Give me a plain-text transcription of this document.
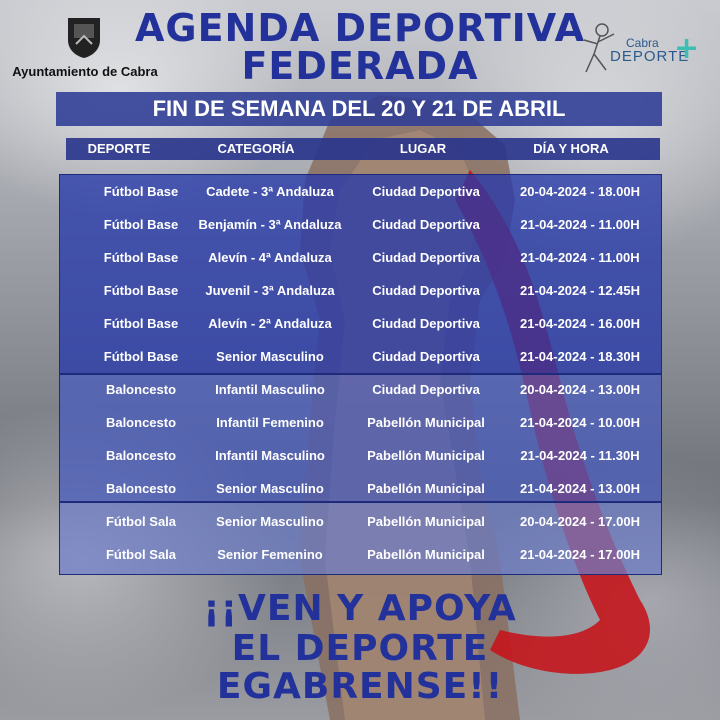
AGENDA DEPORTIVA
FEDERADA
Ayuntamiento de Cabra
Cabra
DEPORTE
+
FIN DE SEMANA DEL 20 Y 21 DE ABRIL
DEPORTE	CATEGORÍA	LUGAR	DÍA Y HORA
Fútbol Base	Cadete - 3ª Andaluza	Ciudad Deportiva	20-04-2024 - 18.00H
Fútbol Base	Benjamín - 3ª Andaluza	Ciudad Deportiva	21-04-2024 - 11.00H
Fútbol Base	Alevín - 4ª Andaluza	Ciudad Deportiva	21-04-2024 - 11.00H
Fútbol Base	Juvenil - 3ª Andaluza	Ciudad Deportiva	21-04-2024 - 12.45H
Fútbol Base	Alevín - 2ª Andaluza	Ciudad Deportiva	21-04-2024 - 16.00H
Fútbol Base	Senior Masculino	Ciudad Deportiva	21-04-2024 - 18.30H
Baloncesto	Infantil Masculino	Ciudad Deportiva	20-04-2024 - 13.00H
Baloncesto	Infantil Femenino	Pabellón Municipal	21-04-2024 - 10.00H
Baloncesto	Infantil Masculino	Pabellón Municipal	21-04-2024 - 11.30H
Baloncesto	Senior Masculino	Pabellón Municipal	21-04-2024 - 13.00H
Fútbol Sala	Senior Masculino	Pabellón Municipal	20-04-2024 - 17.00H
Fútbol Sala	Senior Femenino	Pabellón Municipal	21-04-2024 - 17.00H
¡¡VEN Y APOYA
EL DEPORTE
EGABRENSE!!
